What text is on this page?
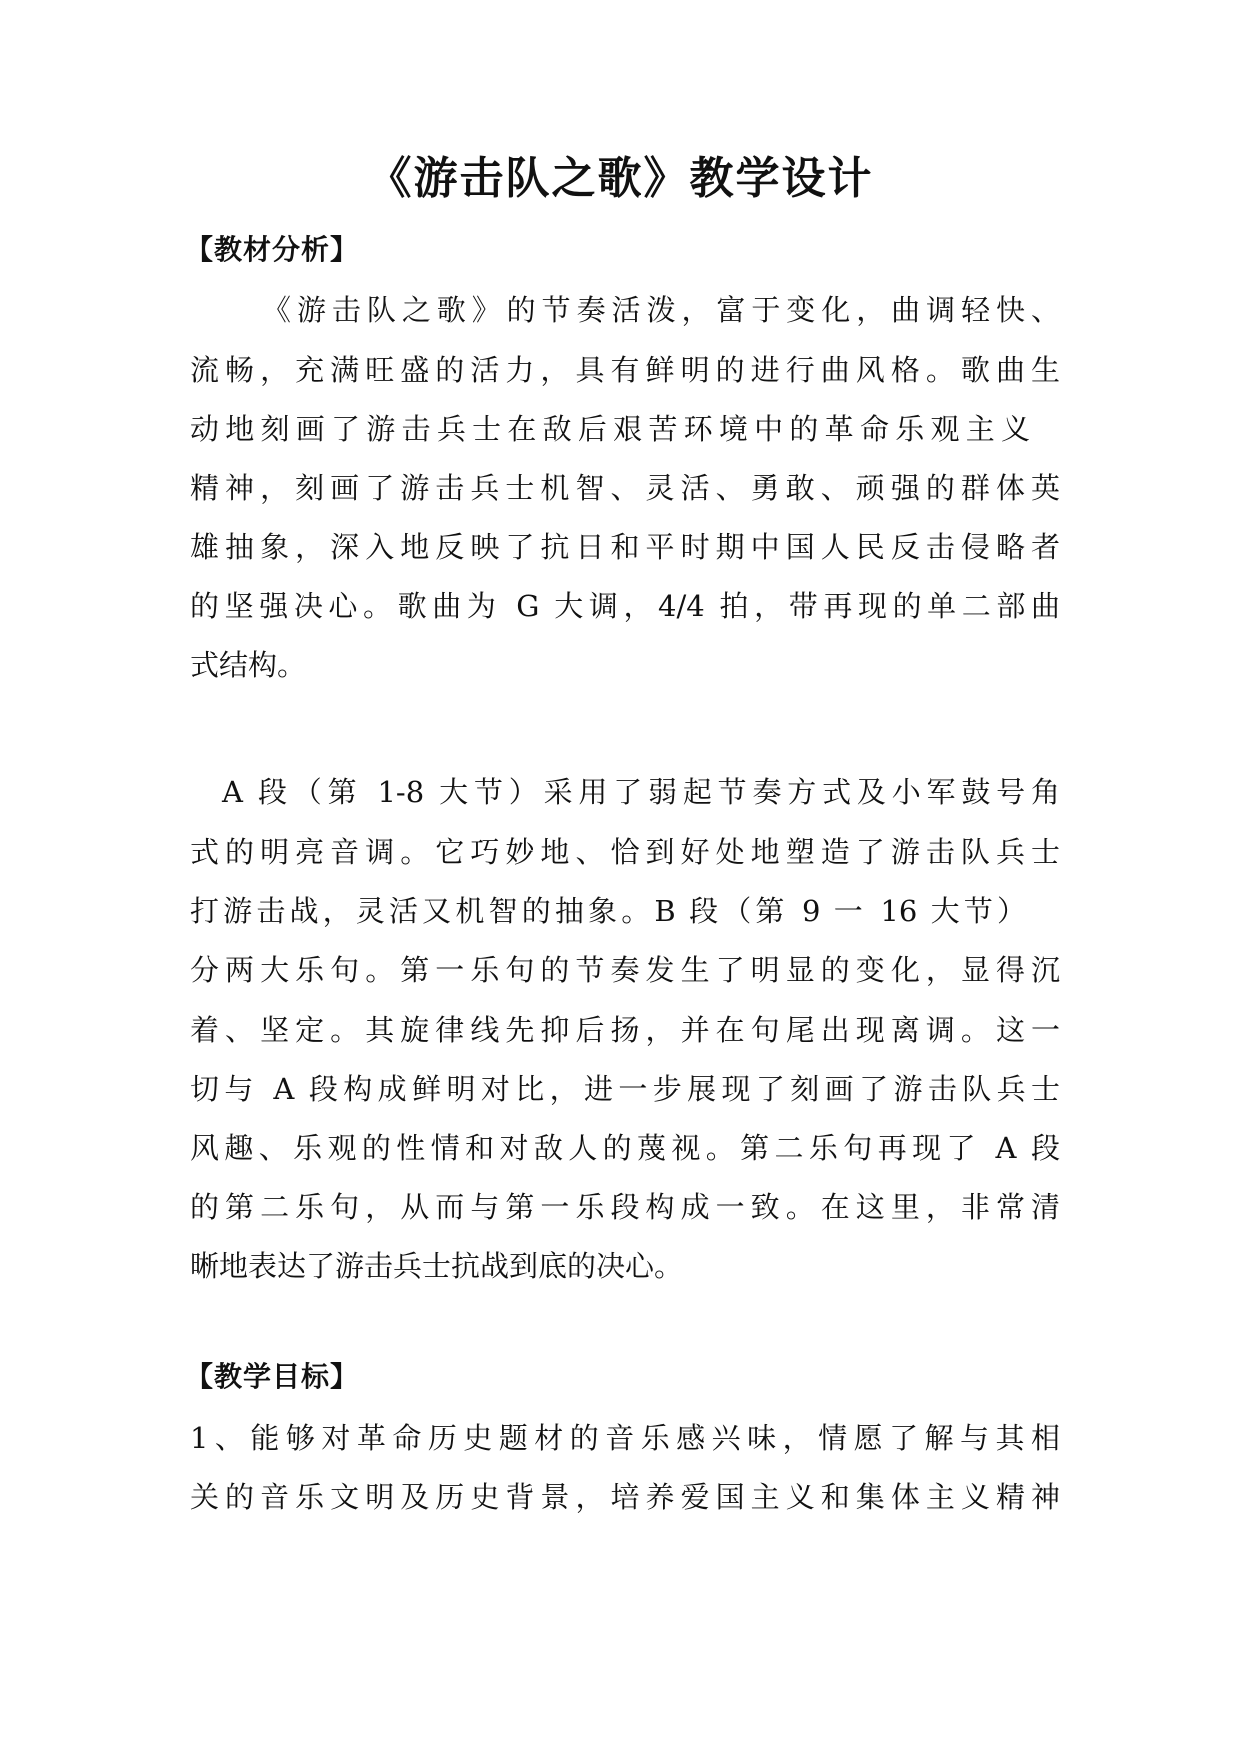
《游击队之歌》教学设计
【教材分析】

《游击队之歌》的节奏活泼，富于变化，曲调轻快、

流畅，充满旺盛的活力，具有鲜明的进行曲风格。歌曲生

动地刻画了游击兵士在敌后艰苦环境中的革命乐观主义

精神，刻画了游击兵士机智、灵活、勇敢、顽强的群体英

雄抽象，深入地反映了抗日和平时期中国人民反击侵略者

的坚强决心。歌曲为 G 大调，4/4 拍，带再现的单二部曲

式结构。

A 段（第 1-8 大节）采用了弱起节奏方式及小军鼓号角

式的明亮音调。它巧妙地、恰到好处地塑造了游击队兵士

打游击战，灵活又机智的抽象。B 段（第 9 一 16 大节）

分两大乐句。第一乐句的节奏发生了明显的变化，显得沉

着、坚定。其旋律线先抑后扬，并在句尾出现离调。这一

切与 A 段构成鲜明对比，进一步展现了刻画了游击队兵士

风趣、乐观的性情和对敌人的蔑视。第二乐句再现了 A 段

的第二乐句，从而与第一乐段构成一致。在这里，非常清

晰地表达了游击兵士抗战到底的决心。

【教学目标】

1、能够对革命历史题材的音乐感兴味，情愿了解与其相

关的音乐文明及历史背景，培养爱国主义和集体主义精神
